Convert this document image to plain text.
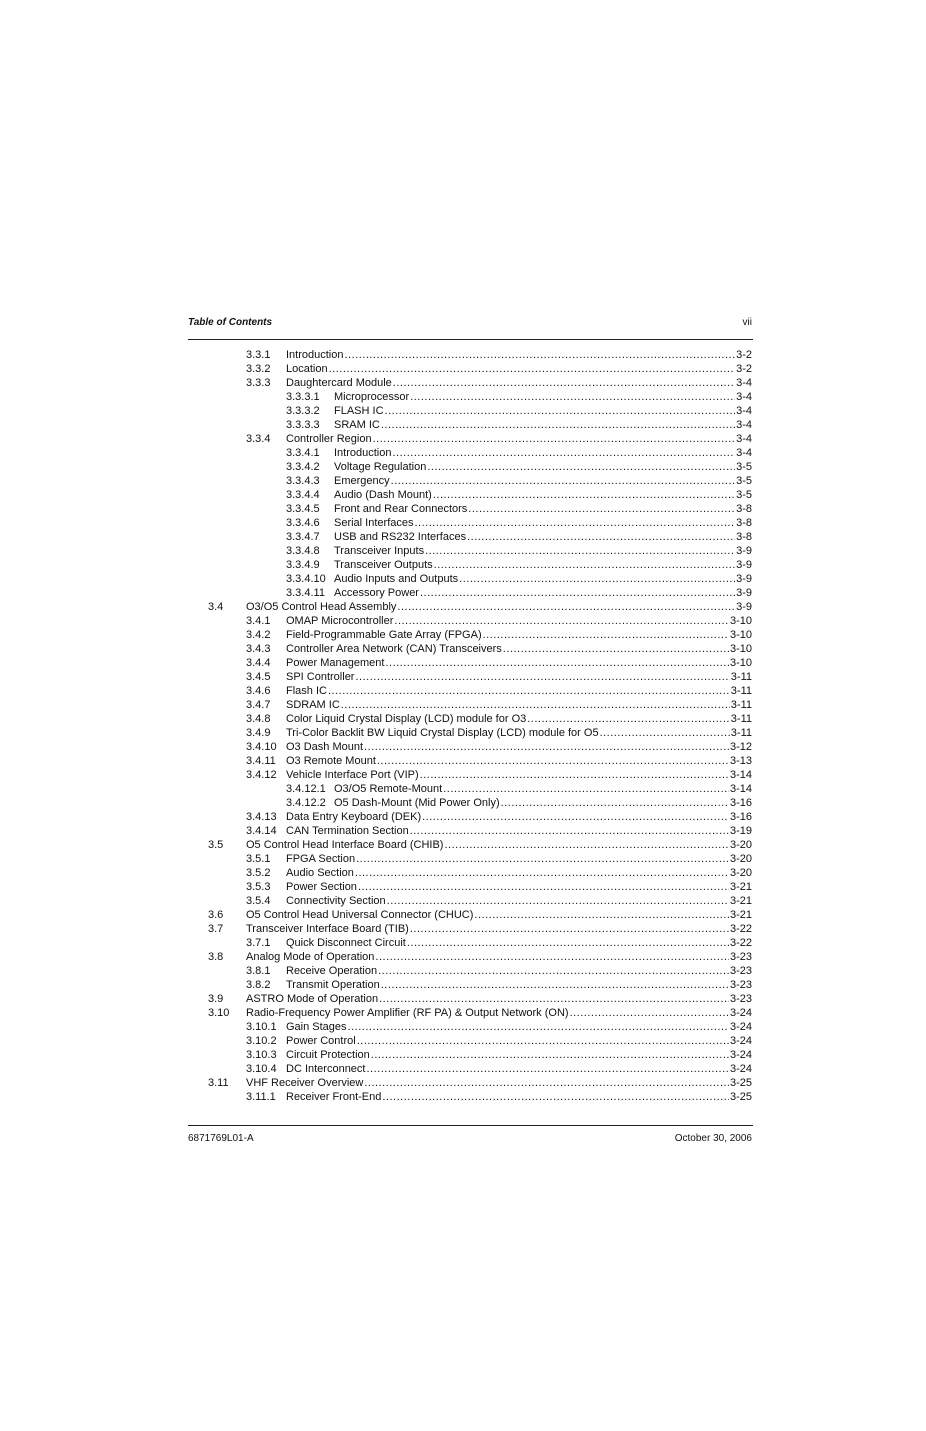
Table of Contents	vii
3.3.1 Introduction .....	3-2
3.3.2 Location .....	3-2
3.3.3 Daughtercard Module .....	3-4
3.3.3.1 Microprocessor .....	3-4
3.3.3.2 FLASH IC .....	3-4
3.3.3.3 SRAM IC .....	3-4
3.3.4 Controller Region .....	3-4
3.3.4.1 Introduction .....	3-4
3.3.4.2 Voltage Regulation .....	3-5
3.3.4.3 Emergency .....	3-5
3.3.4.4 Audio (Dash Mount) .....	3-5
3.3.4.5 Front and Rear Connectors .....	3-8
3.3.4.6 Serial Interfaces .....	3-8
3.3.4.7 USB and RS232 Interfaces .....	3-8
3.3.4.8 Transceiver Inputs .....	3-9
3.3.4.9 Transceiver Outputs .....	3-9
3.3.4.10 Audio Inputs and Outputs .....	3-9
3.3.4.11 Accessory Power .....	3-9
3.4 O3/O5 Control Head Assembly .....	3-9
3.4.1 OMAP Microcontroller .....	3-10
3.4.2 Field-Programmable Gate Array (FPGA) .....	3-10
3.4.3 Controller Area Network (CAN) Transceivers .....	3-10
3.4.4 Power Management .....	3-10
3.4.5 SPI Controller .....	3-11
3.4.6 Flash IC .....	3-11
3.4.7 SDRAM IC .....	3-11
3.4.8 Color Liquid Crystal Display (LCD) module for O3 .....	3-11
3.4.9 Tri-Color Backlit BW Liquid Crystal Display (LCD) module for O5 .....	3-11
3.4.10 O3 Dash Mount .....	3-12
3.4.11 O3 Remote Mount .....	3-13
3.4.12 Vehicle Interface Port (VIP) .....	3-14
3.4.12.1 O3/O5 Remote-Mount .....	3-14
3.4.12.2 O5 Dash-Mount (Mid Power Only) .....	3-16
3.4.13 Data Entry Keyboard (DEK) .....	3-16
3.4.14 CAN Termination Section .....	3-19
3.5 O5 Control Head Interface Board (CHIB) .....	3-20
3.5.1 FPGA Section .....	3-20
3.5.2 Audio Section .....	3-20
3.5.3 Power Section .....	3-21
3.5.4 Connectivity Section .....	3-21
3.6 O5 Control Head Universal Connector (CHUC) .....	3-21
3.7 Transceiver Interface Board (TIB) .....	3-22
3.7.1 Quick Disconnect Circuit .....	3-22
3.8 Analog Mode of Operation .....	3-23
3.8.1 Receive Operation .....	3-23
3.8.2 Transmit Operation .....	3-23
3.9 ASTRO Mode of Operation .....	3-23
3.10 Radio-Frequency Power Amplifier (RF PA) & Output Network (ON) .....	3-24
3.10.1 Gain Stages .....	3-24
3.10.2 Power Control .....	3-24
3.10.3 Circuit Protection .....	3-24
3.10.4 DC Interconnect .....	3-24
3.11 VHF Receiver Overview .....	3-25
3.11.1 Receiver Front-End .....	3-25
6871769L01-A	October 30, 2006
